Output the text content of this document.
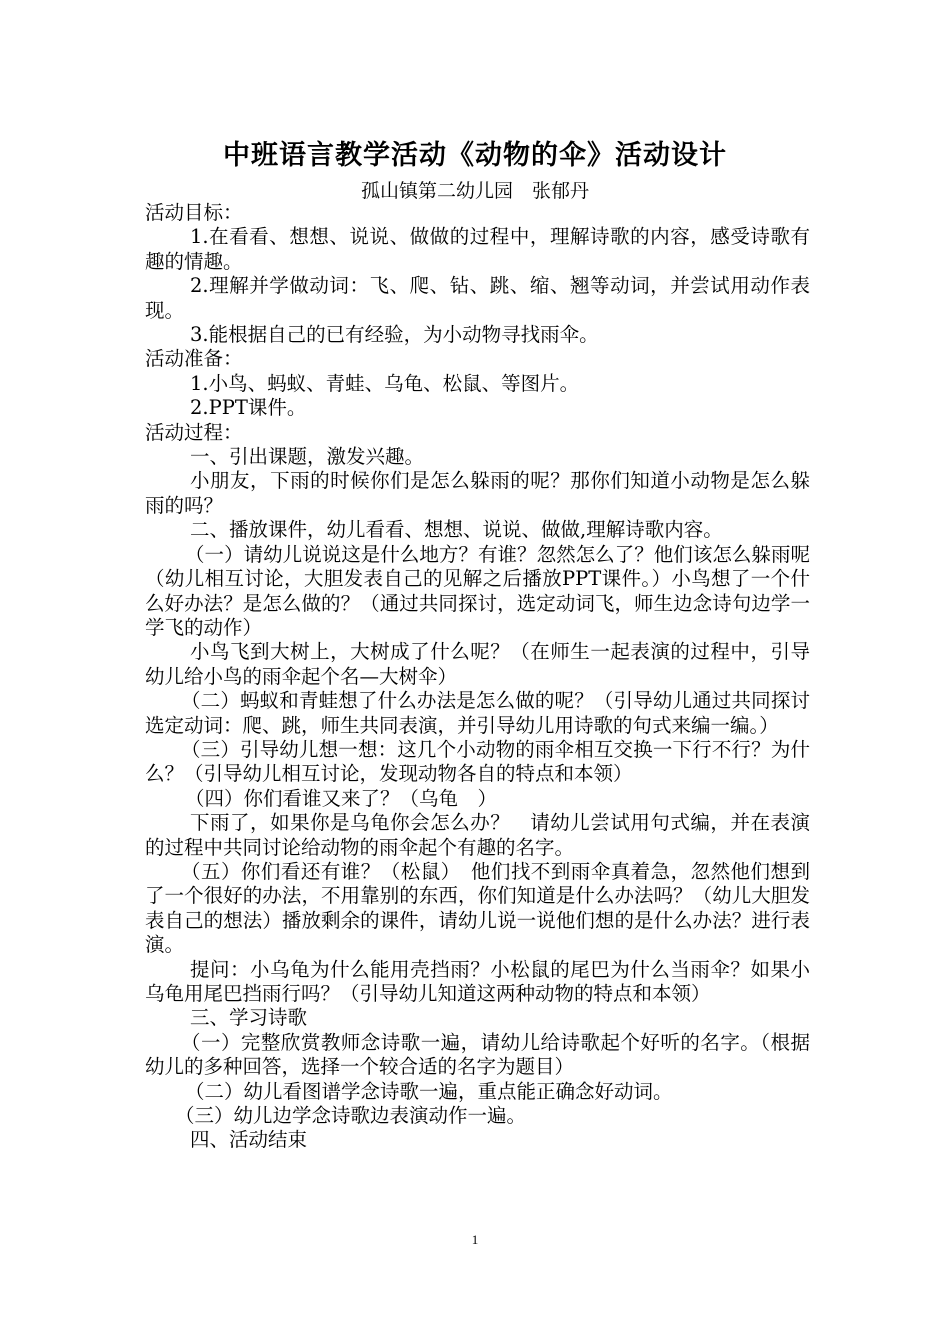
中班语言教学活动《动物的伞》活动设计
孤山镇第二幼儿园　张郁丹

活动目标：

1.在看看、想想、说说、做做的过程中，理解诗歌的内容，感受诗歌有趣的情趣。

2.理解并学做动词：飞、爬、钻、跳、缩、翘等动词，并尝试用动作表现。

3.能根据自己的已有经验，为小动物寻找雨伞。

活动准备：

1.小鸟、蚂蚁、青蛙、乌龟、松鼠、等图片。

2.PPT课件。

活动过程：

一、引出课题，激发兴趣。

小朋友，下雨的时候你们是怎么躲雨的呢？那你们知道小动物是怎么躲雨的吗？

二、播放课件，幼儿看看、想想、说说、做做,理解诗歌内容。

（一）请幼儿说说这是什么地方？有谁？忽然怎么了？他们该怎么躲雨呢（幼儿相互讨论，大胆发表自己的见解之后播放PPT课件。）小鸟想了一个什么好办法？是怎么做的？（通过共同探讨，选定动词飞，师生边念诗句边学一学飞的动作）

小鸟飞到大树上，大树成了什么呢？（在师生一起表演的过程中，引导幼儿给小鸟的雨伞起个名—大树伞）

（二）蚂蚁和青蛙想了什么办法是怎么做的呢？（引导幼儿通过共同探讨选定动词：爬、跳，师生共同表演，并引导幼儿用诗歌的句式来编一编。）

（三）引导幼儿想一想：这几个小动物的雨伞相互交换一下行不行？为什么？（引导幼儿相互讨论，发现动物各自的特点和本领）

（四）你们看谁又来了？（乌龟　）

下雨了，如果你是乌龟你会怎么办？　请幼儿尝试用句式编，并在表演的过程中共同讨论给动物的雨伞起个有趣的名字。

（五）你们看还有谁？（松鼠）　他们找不到雨伞真着急，忽然他们想到了一个很好的办法，不用靠别的东西，你们知道是什么办法吗？（幼儿大胆发表自己的想法）播放剩余的课件，请幼儿说一说他们想的是什么办法？进行表演。

提问：小乌龟为什么能用壳挡雨？小松鼠的尾巴为什么当雨伞？如果小乌龟用尾巴挡雨行吗？（引导幼儿知道这两种动物的特点和本领）

三、学习诗歌

（一）完整欣赏教师念诗歌一遍，请幼儿给诗歌起个好听的名字。（根据幼儿的多种回答，选择一个较合适的名字为题目）

（二）幼儿看图谱学念诗歌一遍，重点能正确念好动词。

（三）幼儿边学念诗歌边表演动作一遍。

四、活动结束

1
